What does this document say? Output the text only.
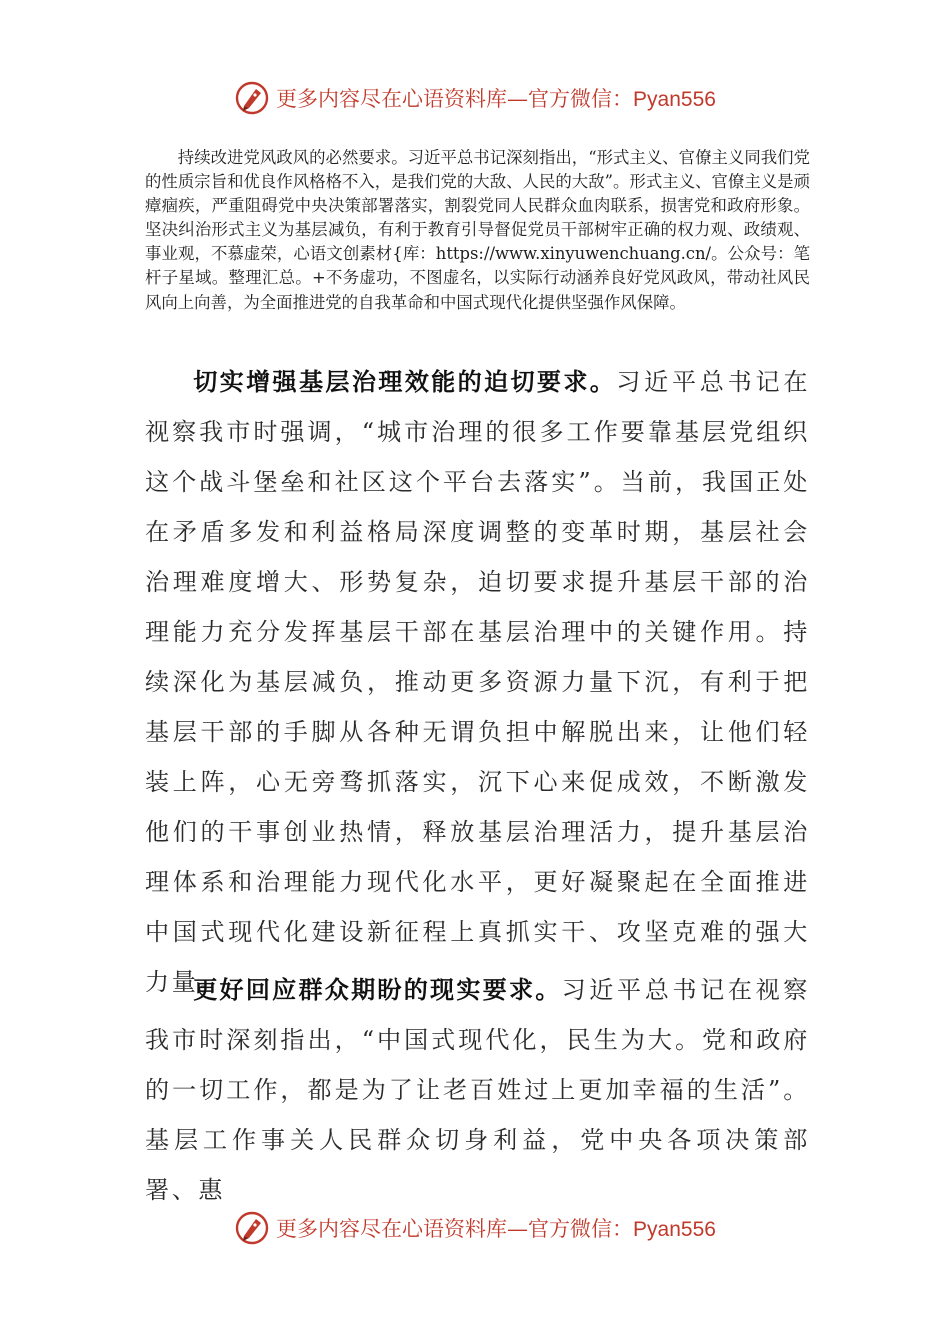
更多内容尽在心语资料库—官方微信：Pyan556

持续改进党风政风的必然要求。习近平总书记深刻指出，“形式主义、官僚主义同我们党的性质宗旨和优良作风格格不入，是我们党的大敌、人民的大敌”。形式主义、官僚主义是顽瘴痼疾，严重阻碍党中央决策部署落实，割裂党同人民群众血肉联系，损害党和政府形象。坚决纠治形式主义为基层减负，有利于教育引导督促党员干部树牢正确的权力观、政绩观、事业观，不慕虚荣，心语文创素材{库：https://www.xinyuwenchuang.cn/。公众号：笔杆子星域。整理汇总。+不务虚功，不图虚名，以实际行动涵养良好党风政风，带动社风民风向上向善，为全面推进党的自我革命和中国式现代化提供坚强作风保障。

切实增强基层治理效能的迫切要求。习近平总书记在视察我市时强调，“城市治理的很多工作要靠基层党组织这个战斗堡垒和社区这个平台去落实”。当前，我国正处在矛盾多发和利益格局深度调整的变革时期，基层社会治理难度增大、形势复杂，迫切要求提升基层干部的治理能力充分发挥基层干部在基层治理中的关键作用。持续深化为基层减负，推动更多资源力量下沉，有利于把基层干部的手脚从各种无谓负担中解脱出来，让他们轻装上阵，心无旁骛抓落实，沉下心来促成效，不断激发他们的干事创业热情，释放基层治理活力，提升基层治理体系和治理能力现代化水平，更好凝聚起在全面推进中国式现代化建设新征程上真抓实干、攻坚克难的强大力量。

更好回应群众期盼的现实要求。习近平总书记在视察我市时深刻指出，“中国式现代化，民生为大。党和政府的一切工作，都是为了让老百姓过上更加幸福的生活”。基层工作事关人民群众切身利益，党中央各项决策部署、惠

更多内容尽在心语资料库—官方微信：Pyan556
